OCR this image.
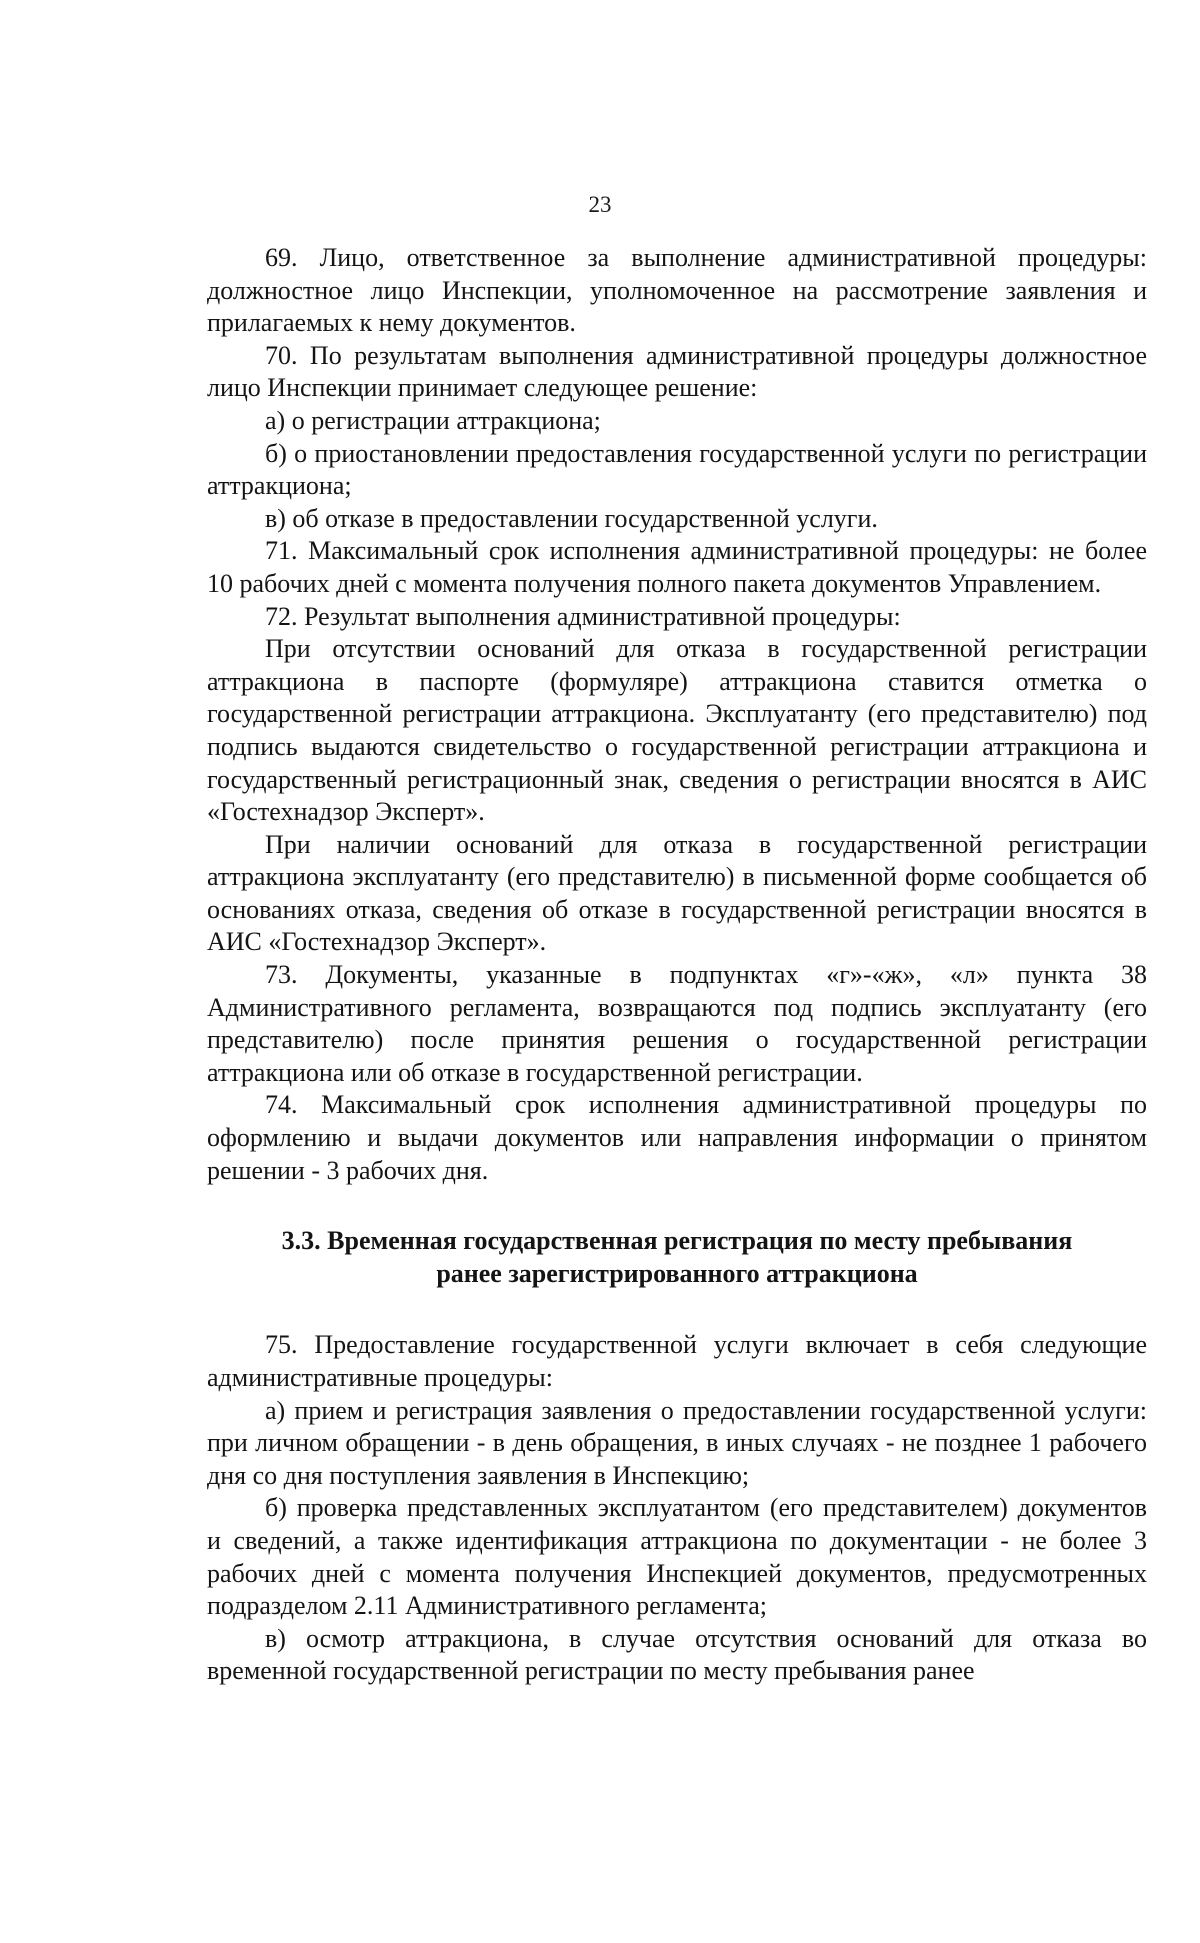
23

69. Лицо, ответственное за выполнение административной процедуры: должностное лицо Инспекции, уполномоченное на рассмотрение заявления и прилагаемых к нему документов.

70. По результатам выполнения административной процедуры должностное лицо Инспекции принимает следующее решение:

а) о регистрации аттракциона;

б) о приостановлении предоставления государственной услуги по регистрации аттракциона;

в) об отказе в предоставлении государственной услуги.

71. Максимальный срок исполнения административной процедуры: не более 10 рабочих дней с момента получения полного пакета документов Управлением.

72. Результат выполнения административной процедуры:

При отсутствии оснований для отказа в государственной регистрации аттракциона в паспорте (формуляре) аттракциона ставится отметка о государственной регистрации аттракциона. Эксплуатанту (его представителю) под подпись выдаются свидетельство о государственной регистрации аттракциона и государственный регистрационный знак, сведения о регистрации вносятся в АИС «Гостехнадзор Эксперт».

При наличии оснований для отказа в государственной регистрации аттракциона эксплуатанту (его представителю) в письменной форме сообщается об основаниях отказа, сведения об отказе в государственной регистрации вносятся в АИС «Гостехнадзор Эксперт».

73. Документы, указанные в подпунктах «г»-«ж», «л» пункта 38 Административного регламента, возвращаются под подпись эксплуатанту (его представителю) после принятия решения о государственной регистрации аттракциона или об отказе в государственной регистрации.

74. Максимальный срок исполнения административной процедуры по оформлению и выдачи документов или направления информации о принятом решении - 3 рабочих дня.

3.3. Временная государственная регистрация по месту пребывания
ранее зарегистрированного аттракциона

75. Предоставление государственной услуги включает в себя следующие административные процедуры:

а) прием и регистрация заявления о предоставлении государственной услуги: при личном обращении - в день обращения, в иных случаях - не позднее 1 рабочего дня со дня поступления заявления в Инспекцию;

б) проверка представленных эксплуатантом (его представителем) документов и сведений, а также идентификация аттракциона по документации - не более 3 рабочих дней с момента получения Инспекцией документов, предусмотренных подразделом 2.11 Административного регламента;

в) осмотр аттракциона, в случае отсутствия оснований для отказа во временной государственной регистрации по месту пребывания ранее
